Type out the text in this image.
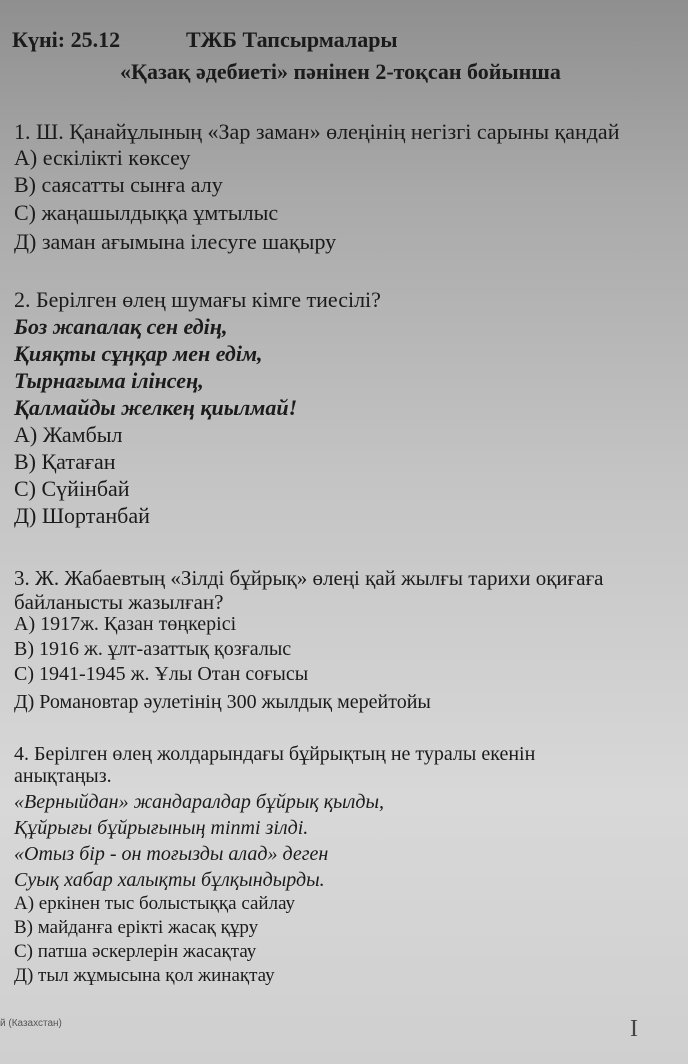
Күні: 25.12	ТЖБ Тапсырмалары
«Қазақ әдебиеті» пәнінен 2-тоқсан бойынша
1. Ш. Қанайұлының «Зар заман» өлеңінің негізгі сарыны қандай
А) ескілікті көксеу
В) саясатты сынға алу
С) жаңашылдыққа ұмтылыс
Д) заман ағымына ілесуге шақыру
2. Берілген өлең шумағы кімге тиесілі?
Боз жапалақ сен едің,
Қияқты сұңқар мен едім,
Тырнағыма ілінсең,
Қалмайды желкең қиылмай!
А) Жамбыл
В) Қатаған
С) Сүйінбай
Д) Шортанбай
3. Ж. Жабаевтың «Зілді бұйрық» өлеңі қай жылғы тарихи оқиғаға
байланысты жазылған?
А) 1917ж. Қазан төңкерісі
В) 1916 ж. ұлт-азаттық қозғалыс
С) 1941-1945 ж. Ұлы Отан соғысы
Д) Романовтар әулетінің 300 жылдық мерейтойы
4. Берілген өлең жолдарындағы бұйрықтың не туралы екенін
анықтаңыз.
«Верныйдан» жандаралдар бұйрық қылды,
Құйрығы бұйрығының тіпті зілді.
«Отыз бір - он тоғызды алад» деген
Суық хабар халықты бұлқындырды.
А) еркінен тыс болыстыққа сайлау
В) майданға ерікті жасақ құру
С) патша әскерлерін жасақтау
Д) тыл жұмысына қол жинақтау
й (Казахстан)	I
